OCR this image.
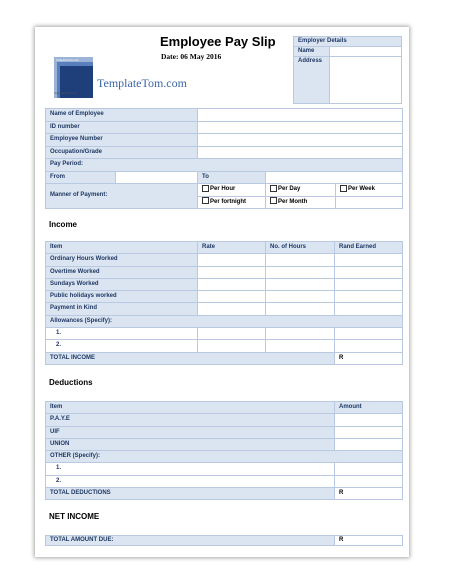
Employee Pay Slip
Date: 06 May 2016
TemplateTom.com
TemplateTom.com
TemplateTom.com
Employer Details	
Name	
Address	
Name of Employee				
ID number				
Employee Number				
Occupation/Grade				
Pay Period:				
From		To		
Manner of Payment:		Per Hour	Per Day	Per Week
		Per fortnight	Per Month	
Income
Item	Rate	No. of Hours	Rand Earned
Ordinary Hours Worked			
Overtime Worked			
Sundays Worked			
Public holidays worked			
Payment in Kind			
Allowances (Specify):			
1.			
2.			
TOTAL INCOME			R
Deductions
Item	Amount
P.A.Y.E	
UIF	
UNION	
OTHER (Specify):	
1.	
2.	
TOTAL DEDUCTIONS	R
NET INCOME
TOTAL AMOUNT DUE:	R
